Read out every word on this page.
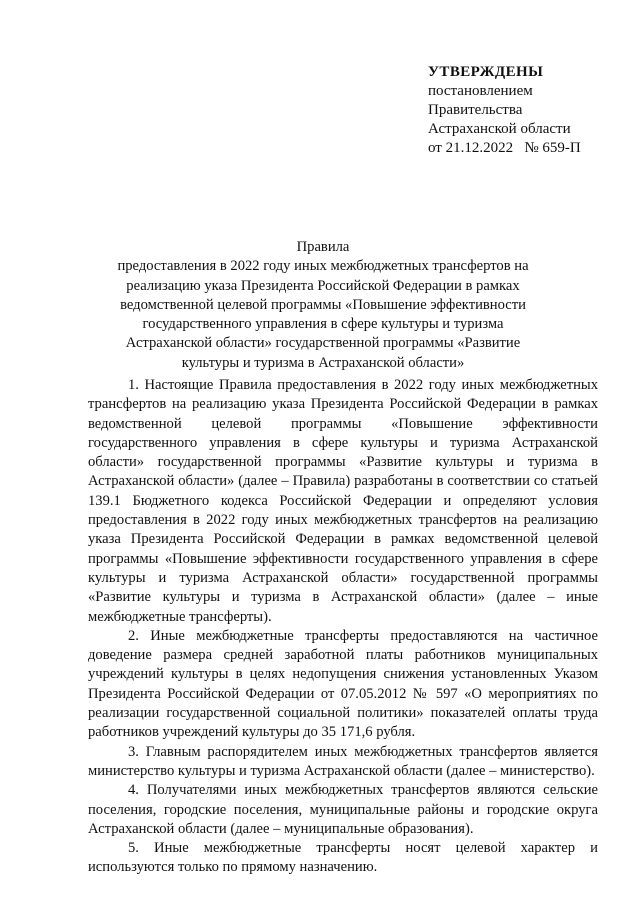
УТВЕРЖДЕНЫ
постановлением
Правительства
Астраханской области
от 21.12.2022   № 659-П
Правила
предоставления в 2022 году иных межбюджетных трансфертов на реализацию указа Президента Российской Федерации в рамках ведомственной целевой программы «Повышение эффективности государственного управления в сфере культуры и туризма Астраханской области» государственной программы «Развитие культуры и туризма в Астраханской области»

1. Настоящие Правила предоставления в 2022 году иных межбюджетных трансфертов на реализацию указа Президента Российской Федерации в рамках ведомственной целевой программы «Повышение эффективности государственного управления в сфере культуры и туризма Астраханской области» государственной программы «Развитие культуры и туризма в Астраханской области» (далее – Правила) разработаны в соответствии со статьей 139.1 Бюджетного кодекса Российской Федерации и определяют условия предоставления в 2022 году иных межбюджетных трансфертов на реализацию указа Президента Российской Федерации в рамках ведомственной целевой программы «Повышение эффективности государственного управления в сфере культуры и туризма Астраханской области» государственной программы «Развитие культуры и туризма в Астраханской области» (далее – иные межбюджетные трансферты).

2. Иные межбюджетные трансферты предоставляются на частичное доведение размера средней заработной платы работников муниципальных учреждений культуры в целях недопущения снижения установленных Указом Президента Российской Федерации от 07.05.2012 № 597 «О мероприятиях по реализации государственной социальной политики» показателей оплаты труда работников учреждений культуры до 35 171,6 рубля.

3. Главным распорядителем иных межбюджетных трансфертов является министерство культуры и туризма Астраханской области (далее – министерство).

4. Получателями иных межбюджетных трансфертов являются сельские поселения, городские поселения, муниципальные районы и городские округа Астраханской области (далее – муниципальные образования).

5. Иные межбюджетные трансферты носят целевой характер и используются только по прямому назначению.
